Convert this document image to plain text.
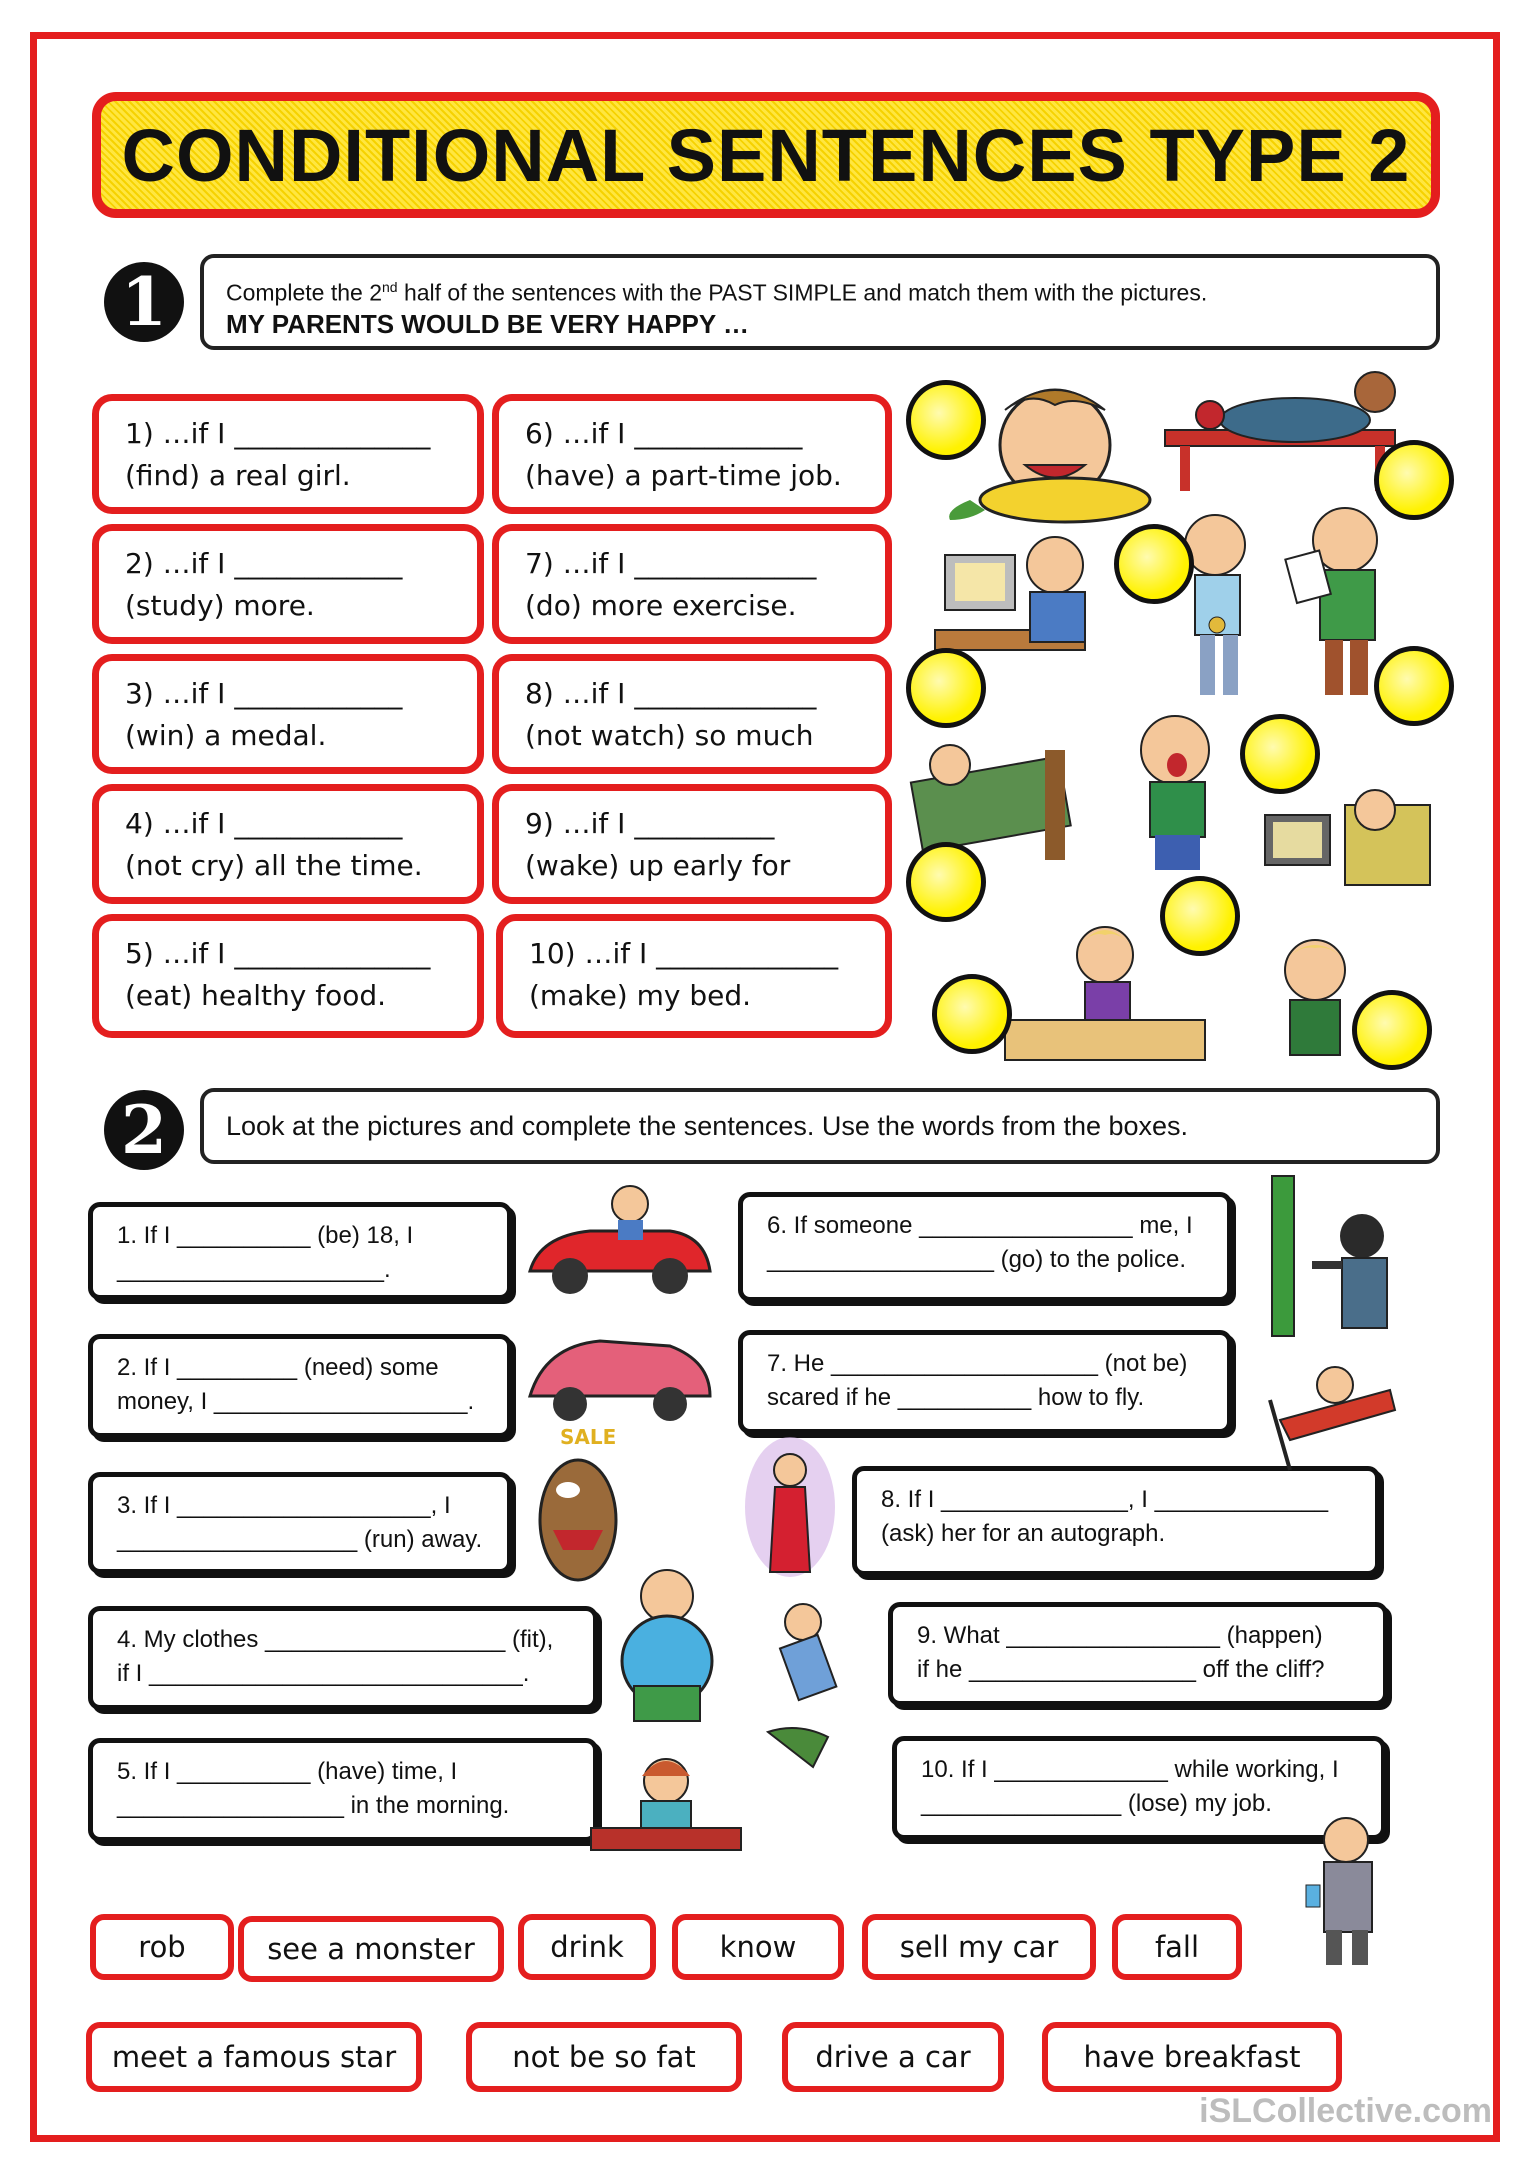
CONDITIONAL SENTENCES TYPE 2
1	Complete the 2nd half of the sentences with the PAST SIMPLE and match them with the pictures.
MY PARENTS WOULD BE VERY HAPPY …
1) …if I ______________
(find) a real girl.
2) …if I ____________
(study) more.
3) …if I ____________
(win) a medal.
4) …if I ____________
(not cry) all the time.
5) …if I ______________
(eat) healthy food.
6) …if I ____________
(have) a part-time job.
7) …if I _____________
(do) more exercise.
8) …if I _____________
(not watch) so much
9) …if I __________
(wake) up early for
10) …if I _____________
(make) my bed.
2	Look at the pictures and complete the sentences. Use the words from the boxes.
1. If I __________ (be) 18, I
____________________.
2. If I _________ (need) some
money, I ___________________.
3. If I ___________________, I
__________________ (run) away.
4. My clothes __________________ (fit),
if I ____________________________.
5. If I __________ (have) time, I
_________________ in the morning.
6. If someone ________________ me, I
_________________ (go) to the police.
7. He ____________________ (not be)
scared if he __________ how to fly.
8. If I ______________, I _____________
(ask) her for an autograph.
9. What ________________ (happen)
if he _________________ off the cliff?
10. If I _____________ while working, I
_______________ (lose) my job.
SALE
rob	see a monster	drink	know	sell my car	fall
meet a famous star	not be so fat	drive a car	have breakfast
iSLCollective.com
